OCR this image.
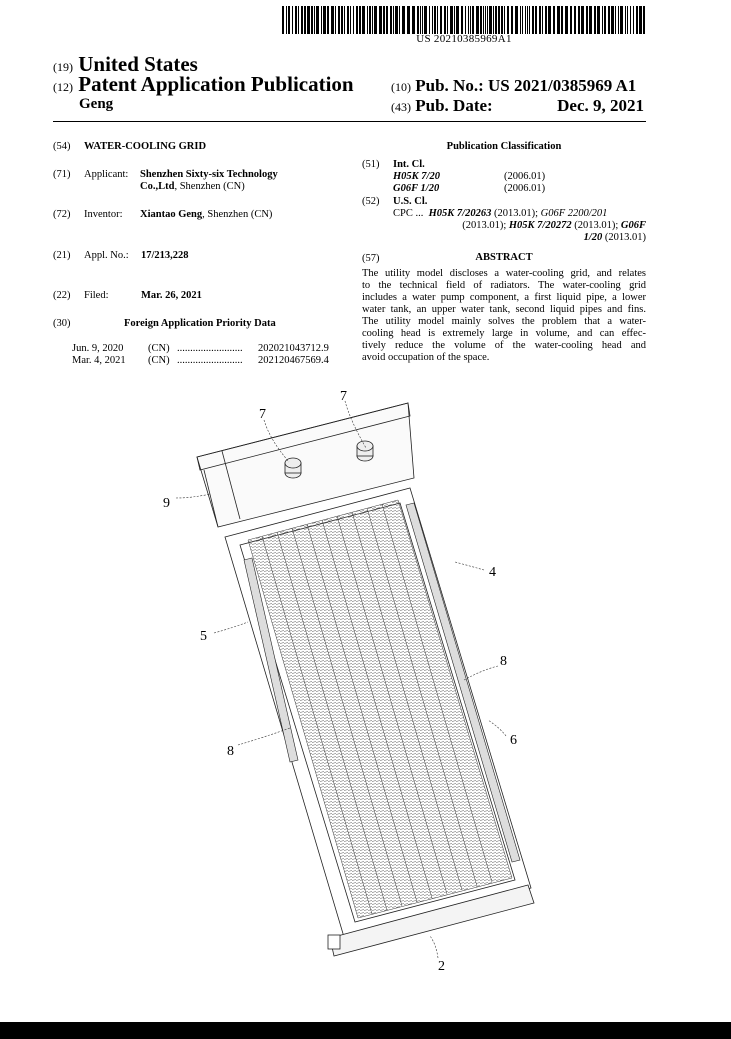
US 20210385969A1
(19) United States
(12) Patent Application Publication
Geng
(10) Pub. No.: US 2021/0385969 A1
(43) Pub. Date:	Dec. 9, 2021
(54) WATER-COOLING GRID
(71) Applicant: Shenzhen Sixty-six Technology
Co.,Ltd, Shenzhen (CN)
(72) Inventor: Xiantao Geng, Shenzhen (CN)
(21) Appl. No.: 17/213,228
(22) Filed:	Mar. 26, 2021
(30)	Foreign Application Priority Data
Jun. 9, 2020 (CN) ......................... 202021043712.9
Mar. 4, 2021 (CN) ......................... 202120467569.4
Publication Classification
(51) Int. Cl.
H05K 7/20	(2006.01)
G06F 1/20	(2006.01)
(52) U.S. Cl.
CPC ... H05K 7/20263 (2013.01); G06F 2200/201
(2013.01); H05K 7/20272 (2013.01); G06F
1/20 (2013.01)
(57)	ABSTRACT
The utility model discloses a water-cooling grid, and relates
to the technical field of radiators. The water-cooling grid
includes a water pump component, a first liquid pipe, a lower
water tank, an upper water tank, second liquid pipes and fins.
The utility model mainly solves the problem that a water-
cooling head is extremely large in volume, and can effec-
tively reduce the volume of the water-cooling head and
avoid occupation of the space.
7
7
9
4
5
8
8
6
2
